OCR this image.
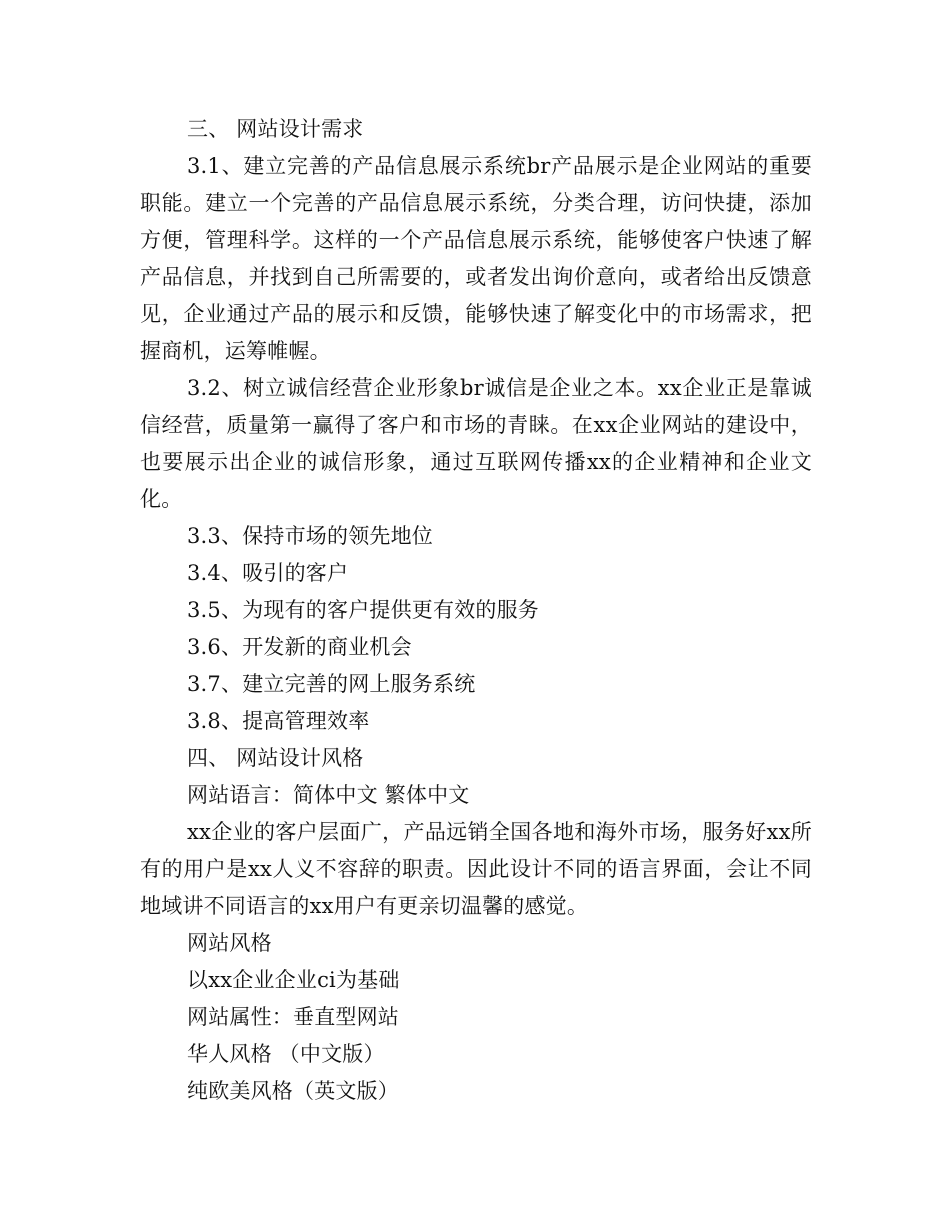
三、 网站设计需求

3.1、建立完善的产品信息展示系统br产品展示是企业网站的重要职能。建立一个完善的产品信息展示系统，分类合理，访问快捷，添加方便，管理科学。这样的一个产品信息展示系统，能够使客户快速了解产品信息，并找到自己所需要的，或者发出询价意向，或者给出反馈意见，企业通过产品的展示和反馈，能够快速了解变化中的市场需求，把握商机，运筹帷幄。

3.2、树立诚信经营企业形象br诚信是企业之本。xx企业正是靠诚信经营，质量第一赢得了客户和市场的青睐。在xx企业网站的建设中，也要展示出企业的诚信形象，通过互联网传播xx的企业精神和企业文化。

3.3、保持市场的领先地位

3.4、吸引的客户

3.5、为现有的客户提供更有效的服务

3.6、开发新的商业机会

3.7、建立完善的网上服务系统

3.8、提高管理效率

四、 网站设计风格

网站语言：简体中文 繁体中文

xx企业的客户层面广，产品远销全国各地和海外市场，服务好xx所有的用户是xx人义不容辞的职责。因此设计不同的语言界面，会让不同地域讲不同语言的xx用户有更亲切温馨的感觉。

网站风格

以xx企业企业ci为基础

网站属性：垂直型网站

华人风格 （中文版）

纯欧美风格（英文版）
